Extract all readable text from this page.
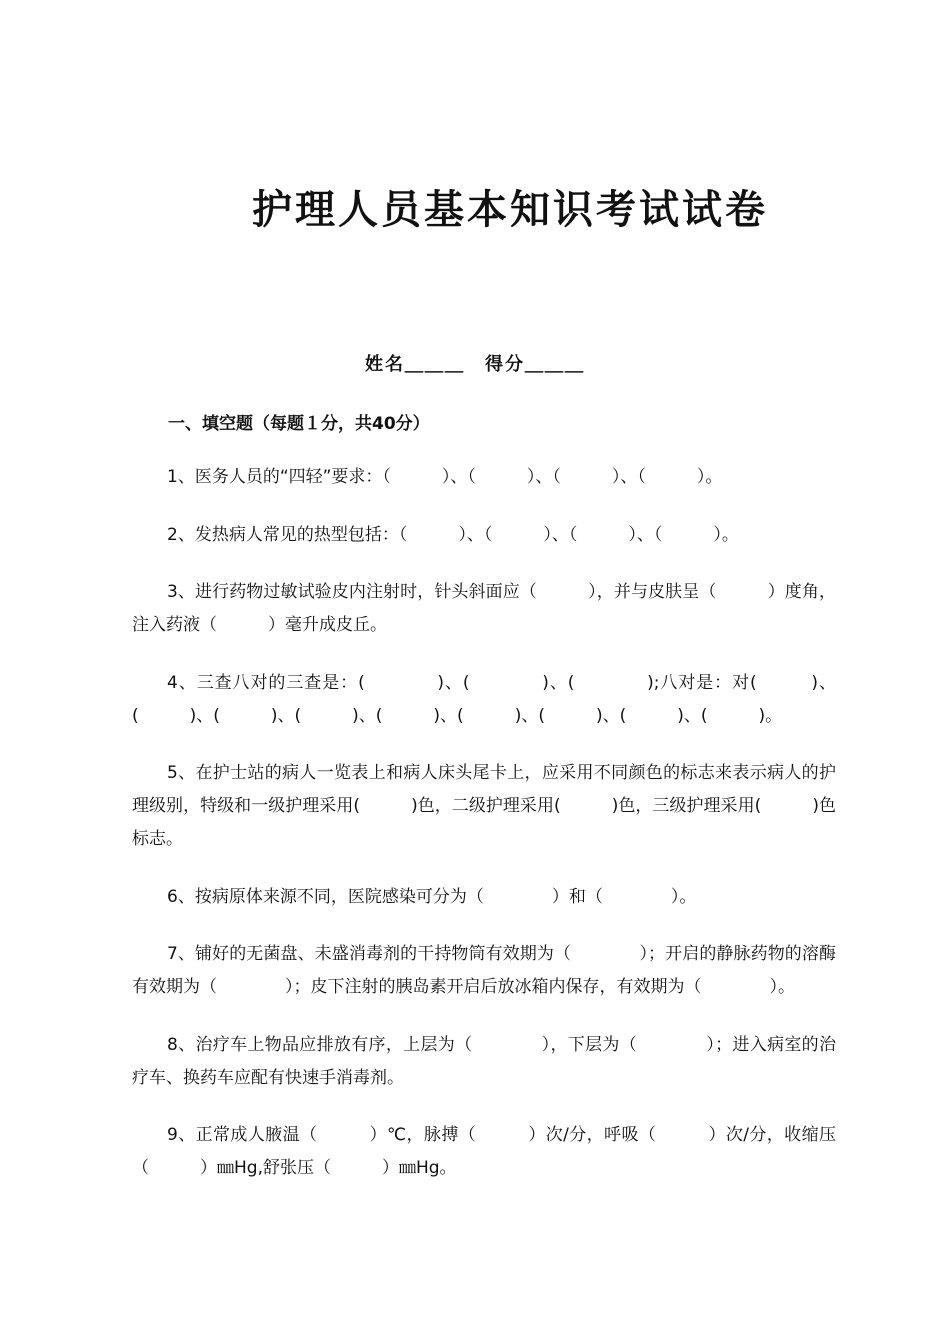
护理人员基本知识考试试卷
姓名＿＿＿ 得分＿＿＿
一、填空题（每题１分，共40分）

1、医务人员的“四轻”要求：（　　　）、（　　　）、（　　　）、（　　　）。

2、发热病人常见的热型包括：（　　　）、（　　　）、（　　　）、（　　　）。

3、进行药物过敏试验皮内注射时，针头斜面应（　　　），并与皮肤呈（　　　）度角，注入药液（　　　）毫升成皮丘。

4、三查八对的三查是：(　　　　)、(　　　　)、(　　　　);八对是：对(　　　)、(　　　)、(　　　)、(　　　)、(　　　)、(　　　)、(　　　)、(　　　)、(　　　)。

5、在护士站的病人一览表上和病人床头尾卡上，应采用不同颜色的标志来表示病人的护理级别，特级和一级护理采用(　　　)色，二级护理采用(　　　)色，三级护理采用(　　　)色标志。

6、按病原体来源不同，医院感染可分为（　　　　）和（　　　　）。

7、铺好的无菌盘、未盛消毒剂的干持物筒有效期为（　　　　）；开启的静脉药物的溶酶有效期为（　　　　）；皮下注射的胰岛素开启后放冰箱内保存，有效期为（　　　　）。

8、治疗车上物品应排放有序，上层为（　　　　），下层为（　　　　）；进入病室的治疗车、换药车应配有快速手消毒剂。

9、正常成人腋温（　　　）℃，脉搏（　　　）次/分，呼吸（　　　）次/分，收缩压（　　　）㎜Hg,舒张压（　　　）㎜Hg。
